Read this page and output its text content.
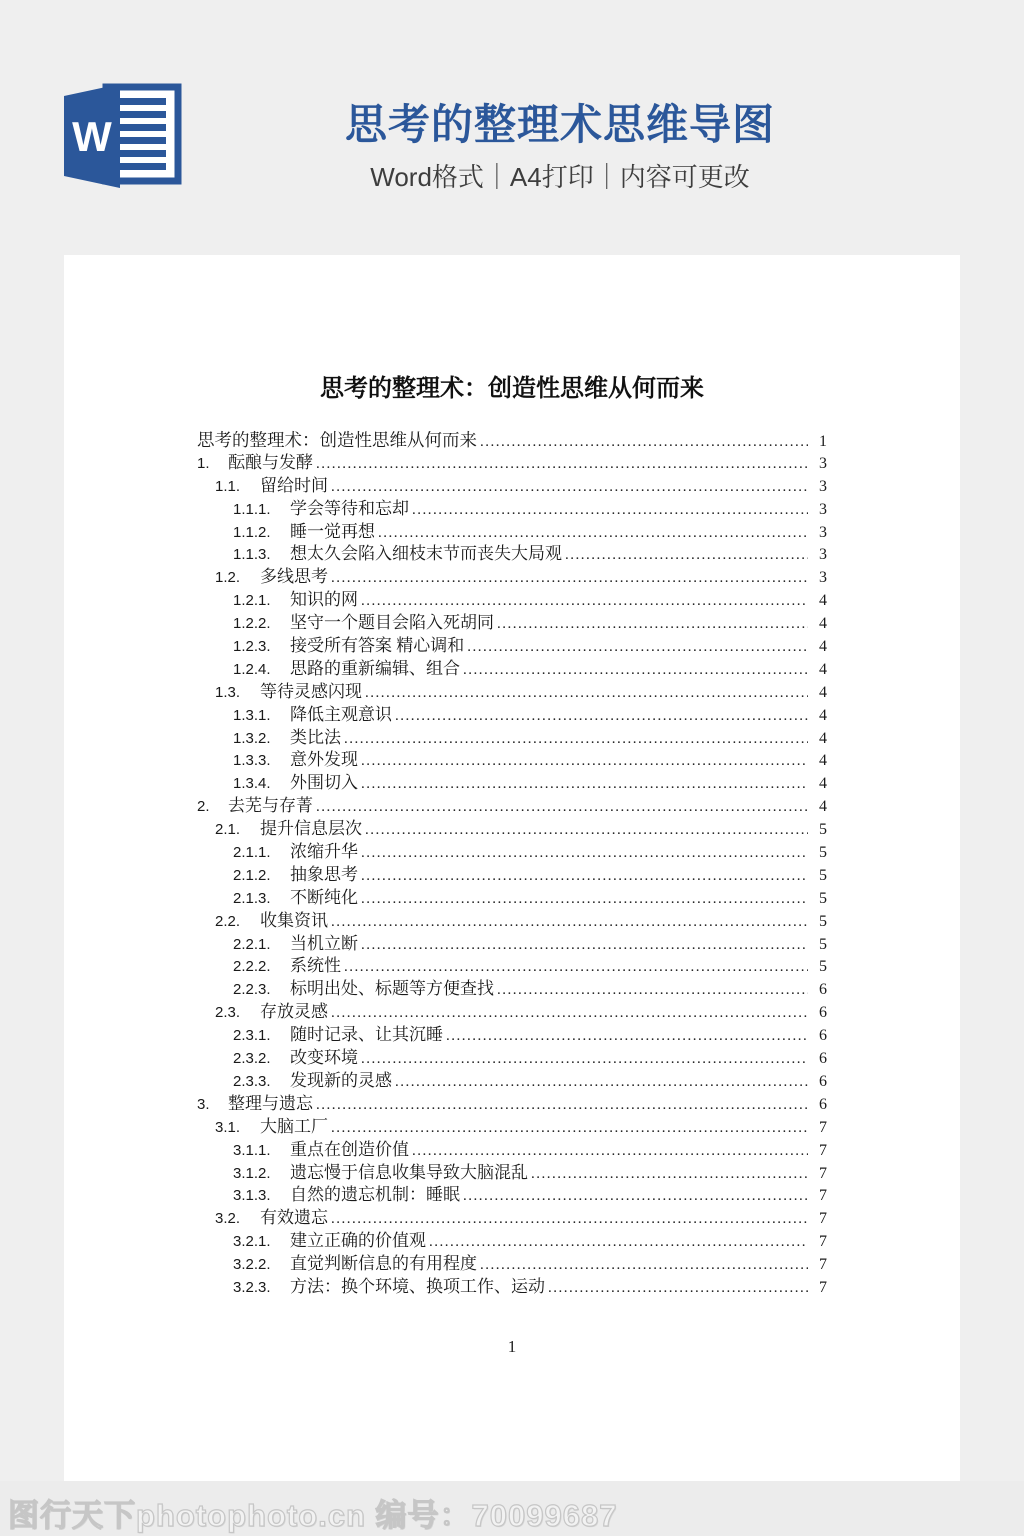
W	思考的整理术思维导图
Word格式｜A4打印｜内容可更改
思考的整理术：创造性思维从何而来
思考的整理术：创造性思维从何而来 .....	1
1.	酝酿与发酵 .....	3
1.1.	留给时间 .....	3
1.1.1.	学会等待和忘却 .....	3
1.1.2.	睡一觉再想 .....	3
1.1.3.	想太久会陷入细枝末节而丧失大局观 .....	3
1.2.	多线思考 .....	3
1.2.1.	知识的网 .....	4
1.2.2.	坚守一个题目会陷入死胡同 .....	4
1.2.3.	接受所有答案 精心调和 .....	4
1.2.4.	思路的重新编辑、组合 .....	4
1.3.	等待灵感闪现 .....	4
1.3.1.	降低主观意识 .....	4
1.3.2.	类比法 .....	4
1.3.3.	意外发现 .....	4
1.3.4.	外围切入 .....	4
2.	去芜与存菁 .....	4
2.1.	提升信息层次 .....	5
2.1.1.	浓缩升华 .....	5
2.1.2.	抽象思考 .....	5
2.1.3.	不断纯化 .....	5
2.2.	收集资讯 .....	5
2.2.1.	当机立断 .....	5
2.2.2.	系统性 .....	5
2.2.3.	标明出处、标题等方便查找 .....	6
2.3.	存放灵感 .....	6
2.3.1.	随时记录、让其沉睡 .....	6
2.3.2.	改变环境 .....	6
2.3.3.	发现新的灵感 .....	6
3.	整理与遗忘 .....	6
3.1.	大脑工厂 .....	7
3.1.1.	重点在创造价值 .....	7
3.1.2.	遗忘慢于信息收集导致大脑混乱 .....	7
3.1.3.	自然的遗忘机制：睡眠 .....	7
3.2.	有效遗忘 .....	7
3.2.1.	建立正确的价值观 .....	7
3.2.2.	直觉判断信息的有用程度 .....	7
3.2.3.	方法：换个环境、换项工作、运动 .....	7
1
图行天下photophoto.cn 编号：70099687
